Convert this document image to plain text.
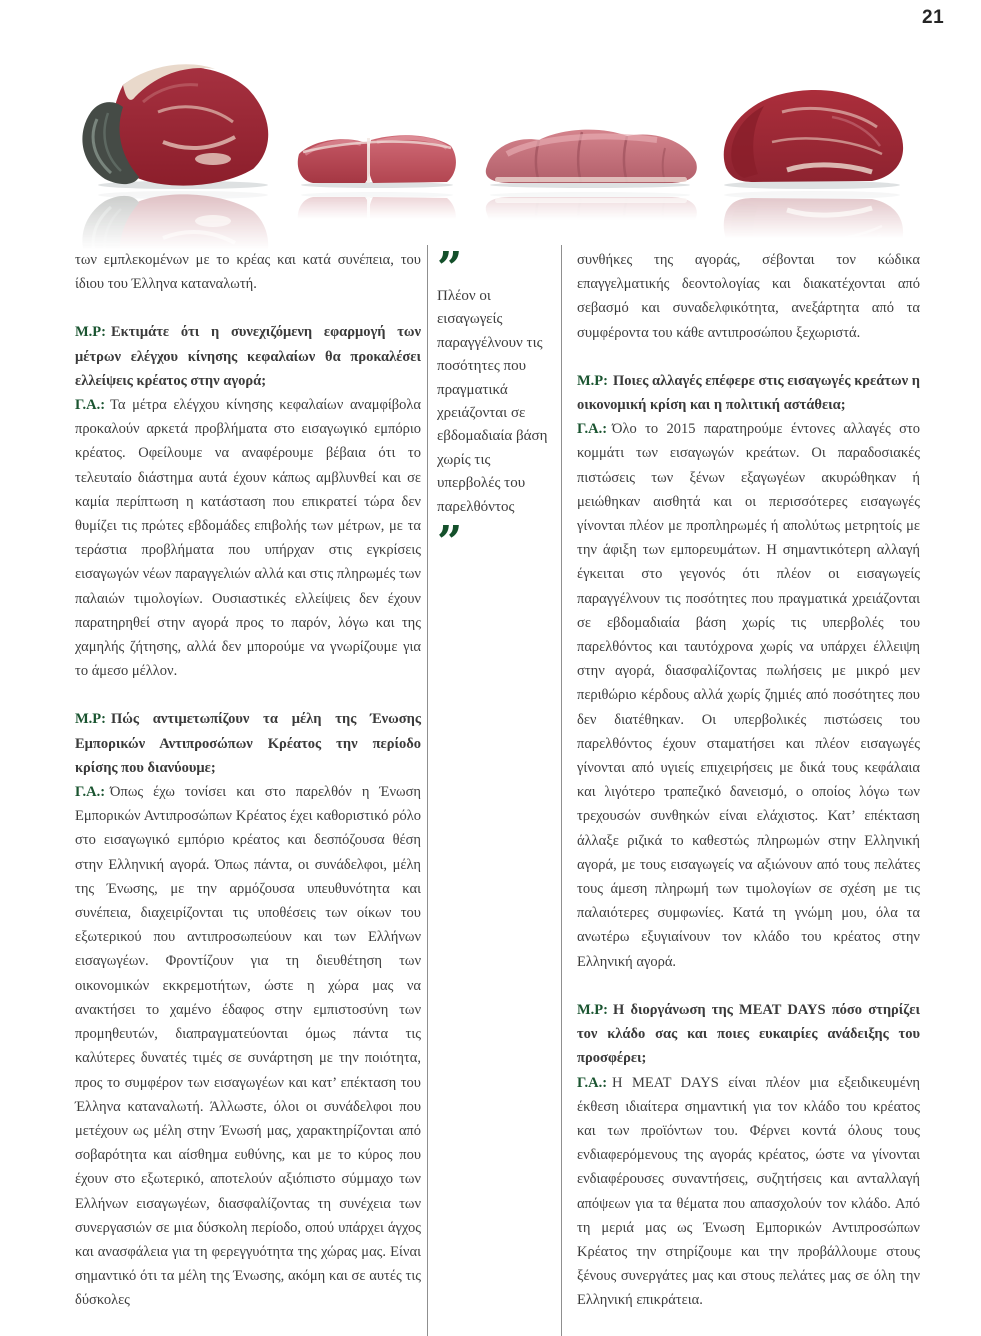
21

των εμπλεκομένων με το κρέας και κατά συνέπεια, του ίδιου του Έλληνα καταναλωτή.

M.P: Εκτιμάτε ότι η συνεχιζόμενη εφαρμογή των μέτρων ελέγχου κίνησης κεφαλαίων θα προκαλέσει ελλείψεις κρέατος στην αγορά;

Γ.Α.: Τα μέτρα ελέγχου κίνησης κεφαλαίων αναμφίβολα προκαλούν αρκετά προβλήματα στο εισαγωγικό εμπόριο κρέατος. Οφείλουμε να αναφέρουμε βέβαια ότι το τελευταίο διάστημα αυτά έχουν κάπως αμβλυνθεί και σε καμία περίπτωση η κατάσταση που επικρατεί τώρα δεν θυμίζει τις πρώτες εβδομάδες επιβολής των μέτρων, με τα τεράστια προβλήματα που υπήρχαν στις εγκρίσεις εισαγωγών νέων παραγγελιών αλλά και στις πληρωμές των παλαιών τιμολογίων. Ουσιαστικές ελλείψεις δεν έχουν παρατηρηθεί στην αγορά προς το παρόν, λόγω και της χαμηλής ζήτησης, αλλά δεν μπορούμε να γνωρίζουμε για το άμεσο μέλλον.

M.P: Πώς αντιμετωπίζουν τα μέλη της Ένωσης Εμπορικών Αντιπροσώπων Κρέατος την περίοδο κρίσης που διανύουμε;

Γ.Α.: Όπως έχω τονίσει και στο παρελθόν η Ένωση Εμπορικών Αντιπροσώπων Κρέατος έχει καθοριστικό ρόλο στο εισαγωγικό εμπόριο κρέατος και δεσπόζουσα θέση στην Ελληνική αγορά. Όπως πάντα, οι συνάδελφοι, μέλη της Ένωσης, με την αρμόζουσα υπευθυνότητα και συνέπεια, διαχειρίζονται τις υποθέσεις των οίκων του εξωτερικού που αντιπροσωπεύουν και των Ελλήνων εισαγωγέων. Φροντίζουν για τη διευθέτηση των οικονομικών εκκρεμοτήτων, ώστε η χώρα μας να ανακτήσει το χαμένο έδαφος στην εμπιστοσύνη των προμηθευτών, διαπραγματεύονται όμως πάντα τις καλύτερες δυνατές τιμές σε συνάρτηση με την ποιότητα, προς το συμφέρον των εισαγωγέων και κατ’ επέκταση του Έλληνα καταναλωτή. Άλλωστε, όλοι οι συνάδελφοι που μετέχουν ως μέλη στην Ένωσή μας, χαρακτηρίζονται από σοβαρότητα και αίσθημα ευθύνης, και με το κύρος που έχουν στο εξωτερικό, αποτελούν αξιόπιστο σύμμαχο των Ελλήνων εισαγωγέων, διασφαλίζοντας τη συνέχεια των συνεργασιών σε μια δύσκολη περίοδο, οπού υπάρχει άγχος και ανασφάλεια για τη φερεγγυότητα της χώρας μας. Είναι σημαντικό ότι τα μέλη της Ένωσης, ακόμη και σε αυτές τις δύσκολες

”
Πλέον οι εισαγωγείς παραγγέλνουν τις ποσότητες που πραγματικά χρειάζονται σε εβδομαδιαία βάση χωρίς τις υπερβολές του παρελθόντος
”

συνθήκες της αγοράς, σέβονται τον κώδικα επαγγελματικής δεοντολογίας και διακατέχονται από σεβασμό και συναδελφικότητα, ανεξάρτητα από τα συμφέροντα του κάθε αντιπροσώπου ξεχωριστά.

M.P: Ποιες αλλαγές επέφερε στις εισαγωγές κρεάτων η οικονομική κρίση και η πολιτική αστάθεια;

Γ.Α.: Όλο το 2015 παρατηρούμε έντονες αλλαγές στο κομμάτι των εισαγωγών κρεάτων. Οι παραδοσιακές πιστώσεις των ξένων εξαγωγέων ακυρώθηκαν ή μειώθηκαν αισθητά και οι περισσότερες εισαγωγές γίνονται πλέον με προπληρωμές ή απολύτως μετρητοίς με την άφιξη των εμπορευμάτων. Η σημαντικότερη αλλαγή έγκειται στο γεγονός ότι πλέον οι εισαγωγείς παραγγέλνουν τις ποσότητες που πραγματικά χρειάζονται σε εβδομαδιαία βάση χωρίς τις υπερβολές του παρελθόντος και ταυτόχρονα χωρίς να υπάρχει έλλειψη στην αγορά, διασφαλίζοντας πωλήσεις με μικρό μεν περιθώριο κέρδους αλλά χωρίς ζημιές από ποσότητες που δεν διατέθηκαν. Οι υπερβολικές πιστώσεις του παρελθόντος έχουν σταματήσει και πλέον εισαγωγές γίνονται από υγιείς επιχειρήσεις με δικά τους κεφάλαια και λιγότερο τραπεζικό δανεισμό, ο οποίος λόγω των τρεχουσών συνθηκών είναι ελάχιστος. Κατ’ επέκταση άλλαξε ριζικά το καθεστώς πληρωμών στην Ελληνική αγορά, με τους εισαγωγείς να αξιώνουν από τους πελάτες τους άμεση πληρωμή των τιμολογίων σε σχέση με τις παλαιότερες συμφωνίες. Κατά τη γνώμη μου, όλα τα ανωτέρω εξυγιαίνουν τον κλάδο του κρέατος στην Ελληνική αγορά.

M.P: Η διοργάνωση της MEAT DAYS πόσο στηρίζει τον κλάδο σας και ποιες ευκαιρίες ανάδειξης του προσφέρει;

Γ.Α.: Η MEAT DAYS είναι πλέον μια εξειδικευμένη έκθεση ιδιαίτερα σημαντική για τον κλάδο του κρέατος και των προϊόντων του. Φέρνει κοντά όλους τους ενδιαφερόμενους της αγοράς κρέατος, ώστε να γίνονται ενδιαφέρουσες συναντήσεις, συζητήσεις και ανταλλαγή απόψεων για τα θέματα που απασχολούν τον κλάδο. Από τη μεριά μας ως Ένωση Εμπορικών Αντιπροσώπων Κρέατος την στηρίζουμε και την προβάλλουμε στους ξένους συνεργάτες μας και στους πελάτες μας σε όλη την Ελληνική επικράτεια.
